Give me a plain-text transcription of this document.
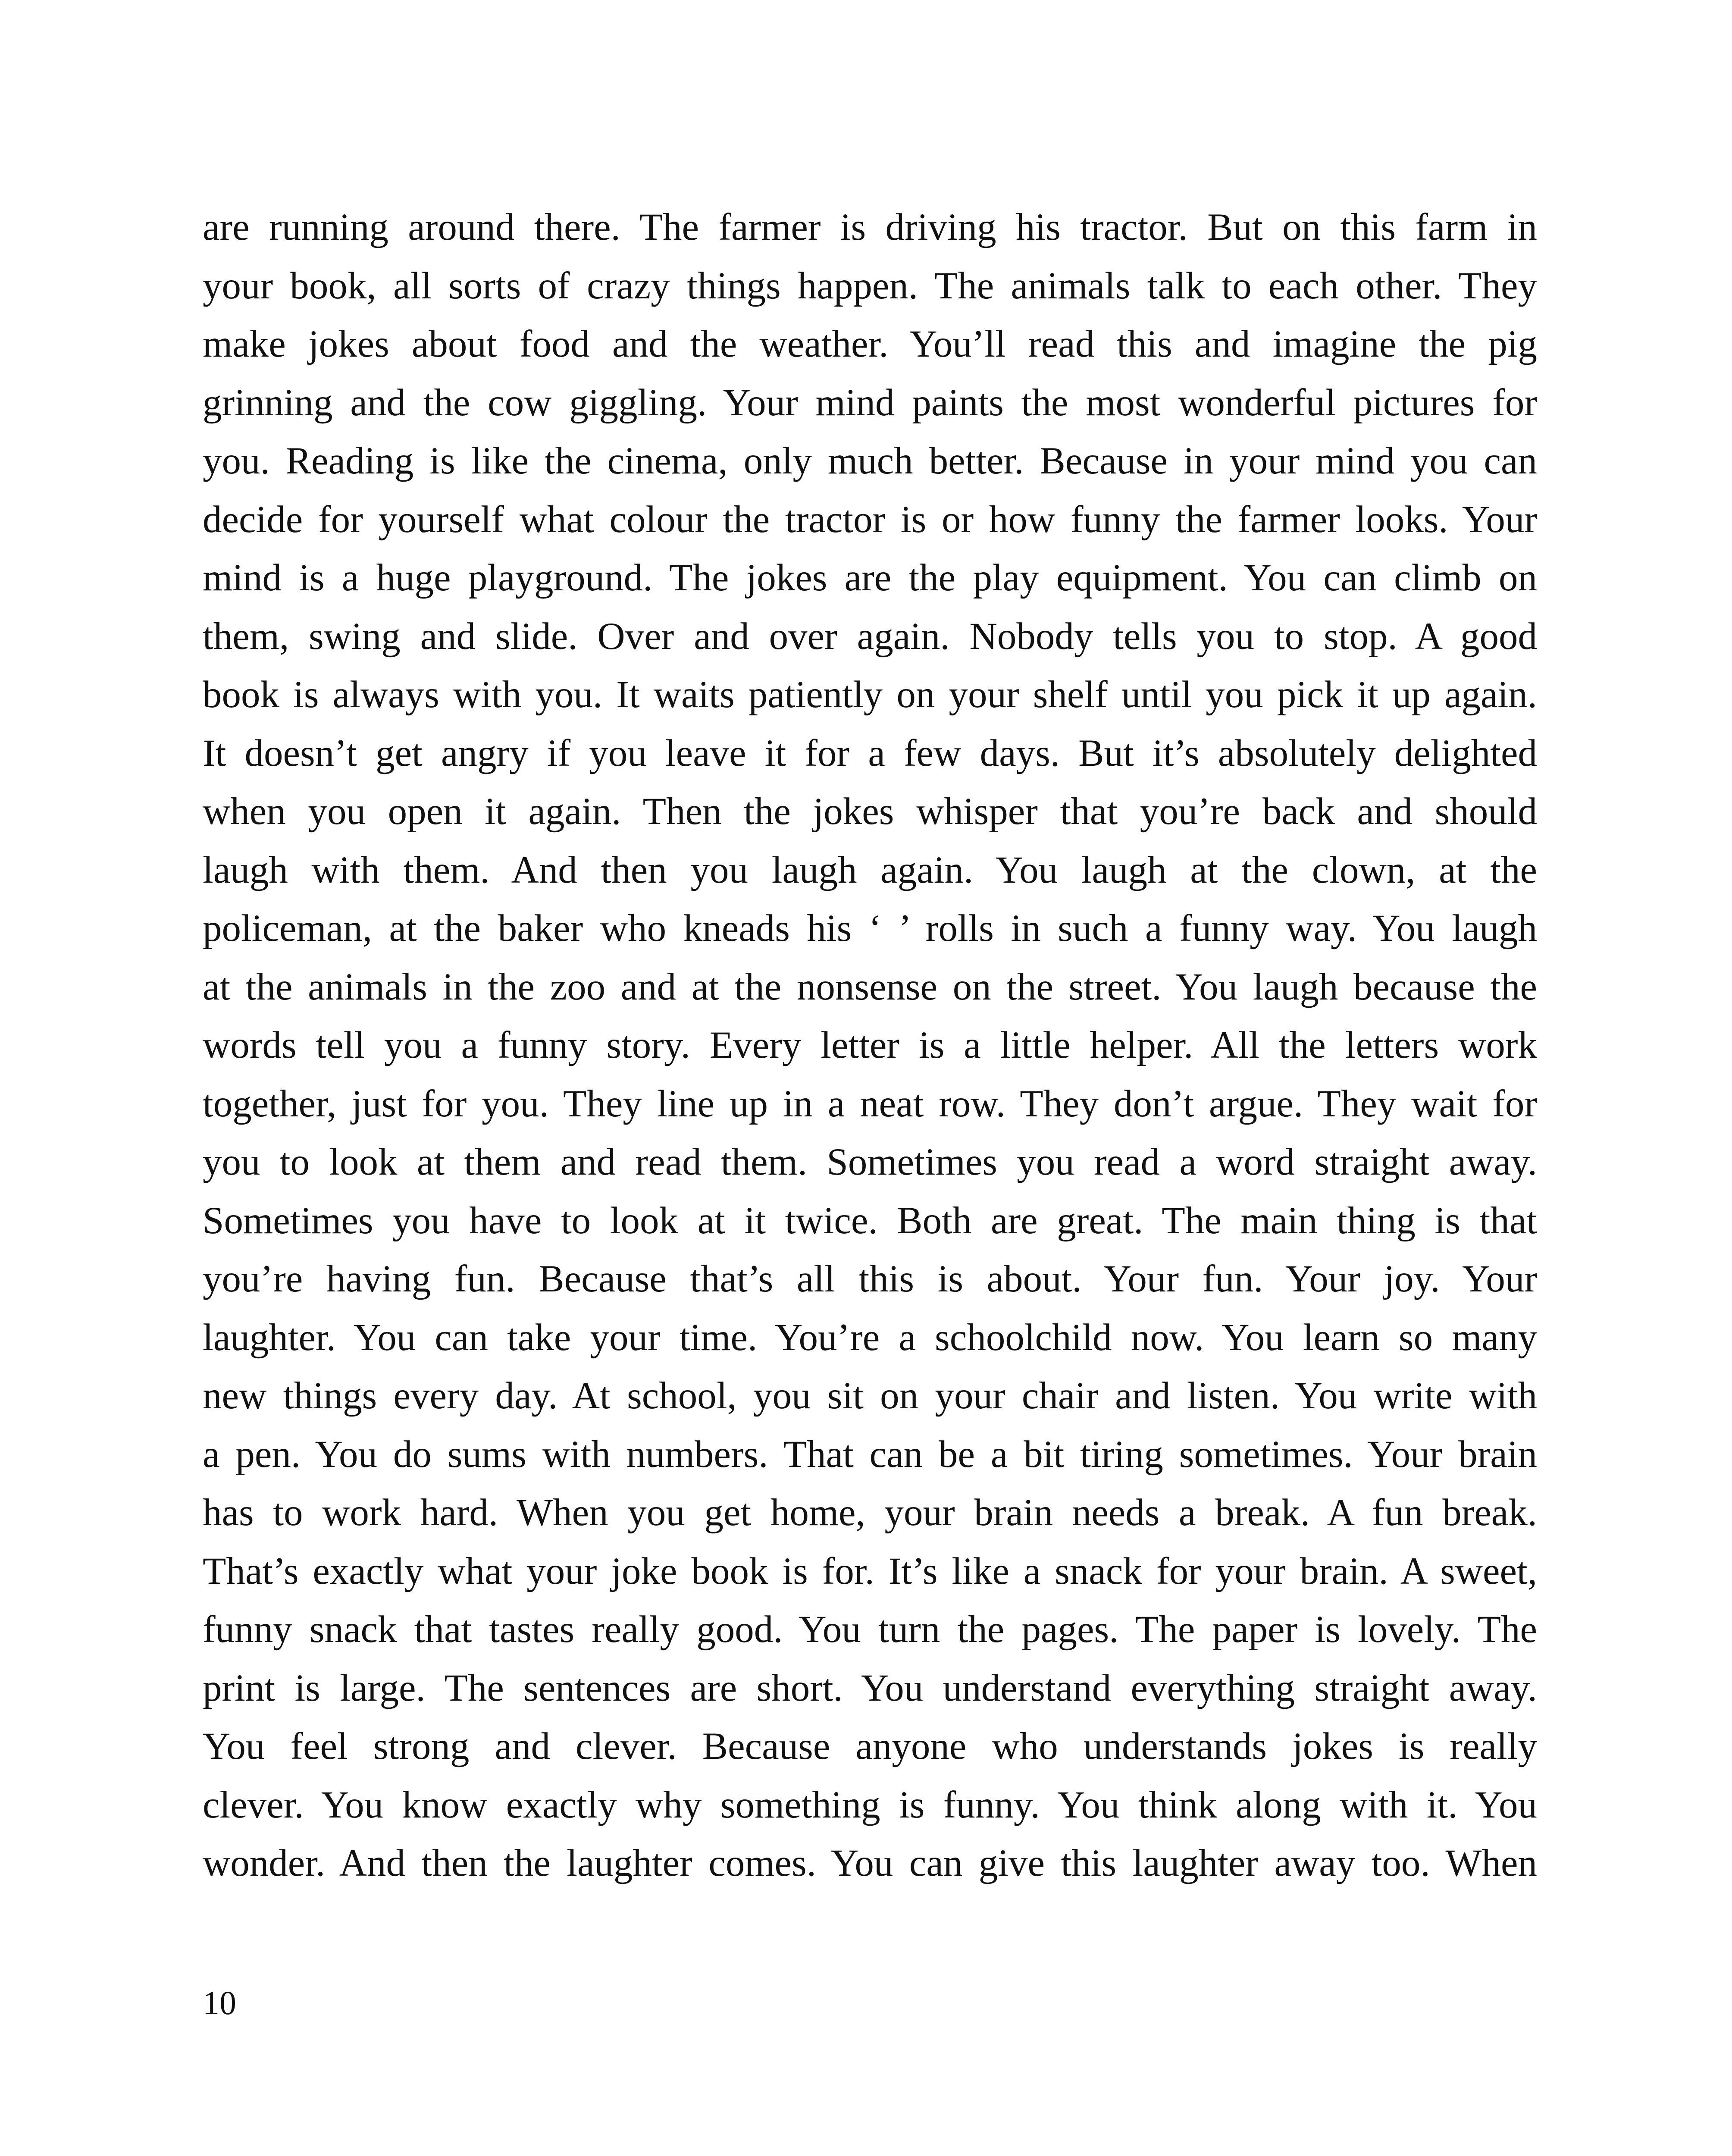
are running around there. The farmer is driving his tractor. But on this farm in
your book, all sorts of crazy things happen. The animals talk to each other. They
make jokes about food and the weather. You’ll read this and imagine the pig
grinning and the cow giggling. Your mind paints the most wonderful pictures for
you. Reading is like the cinema, only much better. Because in your mind you can
decide for yourself what colour the tractor is or how funny the farmer looks. Your
mind is a huge playground. The jokes are the play equipment. You can climb on
them, swing and slide. Over and over again. Nobody tells you to stop. A good
book is always with you. It waits patiently on your shelf until you pick it up again.
It doesn’t get angry if you leave it for a few days. But it’s absolutely delighted
when you open it again. Then the jokes whisper that you’re back and should
laugh with them. And then you laugh again. You laugh at the clown, at the
policeman, at the baker who kneads his ‘ ’ rolls in such a funny way. You laugh
at the animals in the zoo and at the nonsense on the street. You laugh because the
words tell you a funny story. Every letter is a little helper. All the letters work
together, just for you. They line up in a neat row. They don’t argue. They wait for
you to look at them and read them. Sometimes you read a word straight away.
Sometimes you have to look at it twice. Both are great. The main thing is that
you’re having fun. Because that’s all this is about. Your fun. Your joy. Your
laughter. You can take your time. You’re a schoolchild now. You learn so many
new things every day. At school, you sit on your chair and listen. You write with
a pen. You do sums with numbers. That can be a bit tiring sometimes. Your brain
has to work hard. When you get home, your brain needs a break. A fun break.
That’s exactly what your joke book is for. It’s like a snack for your brain. A sweet,
funny snack that tastes really good. You turn the pages. The paper is lovely. The
print is large. The sentences are short. You understand everything straight away.
You feel strong and clever. Because anyone who understands jokes is really
clever. You know exactly why something is funny. You think along with it. You
wonder. And then the laughter comes. You can give this laughter away too. When
10
